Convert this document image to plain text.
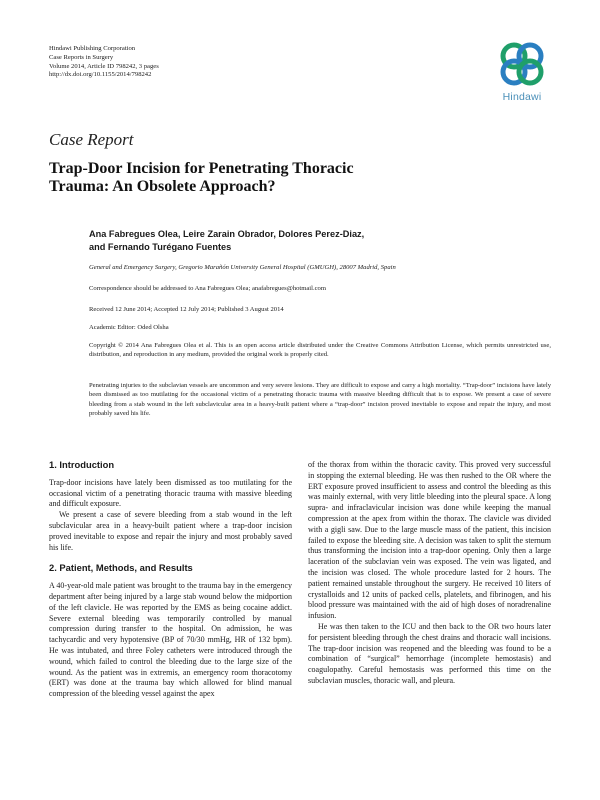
Hindawi Publishing Corporation
Case Reports in Surgery
Volume 2014, Article ID 798242, 3 pages
http://dx.doi.org/10.1155/2014/798242
Hindawi
Case Report
Trap-Door Incision for Penetrating Thoracic
Trauma: An Obsolete Approach?
Ana Fabregues Olea, Leire Zarain Obrador, Dolores Perez-Diaz,
and Fernando Turégano Fuentes
General and Emergency Surgery, Gregorio Marañón University General Hospital (GMUGH), 28007 Madrid, Spain
Correspondence should be addressed to Ana Fabregues Olea; anafabregues@hotmail.com
Received 12 June 2014; Accepted 12 July 2014; Published 3 August 2014
Academic Editor: Oded Olsha
Copyright © 2014 Ana Fabregues Olea et al. This is an open access article distributed under the Creative Commons Attribution License, which permits unrestricted use, distribution, and reproduction in any medium, provided the original work is properly cited.
Penetrating injuries to the subclavian vessels are uncommon and very severe lesions. They are difficult to expose and carry a high mortality. “Trap-door” incisions have lately been dismissed as too mutilating for the occasional victim of a penetrating thoracic trauma with massive bleeding difficult that is to expose. We present a case of severe bleeding from a stab wound in the left subclavicular area in a heavy-built patient where a “trap-door” incision proved inevitable to expose and repair the injury, and most probably saved his life.
1. Introduction

Trap-door incisions have lately been dismissed as too mutilating for the occasional victim of a penetrating thoracic trauma with massive bleeding and difficult exposure.

We present a case of severe bleeding from a stab wound in the left subclavicular area in a heavy-built patient where a trap-door incision proved inevitable to expose and repair the injury and most probably saved his life.

2. Patient, Methods, and Results

A 40-year-old male patient was brought to the trauma bay in the emergency department after being injured by a large stab wound below the midportion of the left clavicle. He was reported by the EMS as being cocaine addict. Severe external bleeding was temporarily controlled by manual compression during transfer to the hospital. On admission, he was tachycardic and very hypotensive (BP of 70/30 mmHg, HR of 132 bpm). He was intubated, and three Foley catheters were introduced through the wound, which failed to control the bleeding due to the large size of the wound. As the patient was in extremis, an emergency room thoracotomy (ERT) was done at the trauma bay which allowed for blind manual compression of the bleeding vessel against the apex

of the thorax from within the thoracic cavity. This proved very successful in stopping the external bleeding. He was then rushed to the OR where the ERT exposure proved insufficient to assess and control the bleeding as this was mainly external, with very little bleeding into the pleural space. A long supra- and infraclavicular incision was done while keeping the manual compression at the apex from within the thorax. The clavicle was divided with a gigli saw. Due to the large muscle mass of the patient, this incision failed to expose the bleeding site. A decision was taken to split the sternum thus transforming the incision into a trap-door opening. Only then a large laceration of the subclavian vein was exposed. The vein was ligated, and the incision was closed. The whole procedure lasted for 2 hours. The patient remained unstable throughout the surgery. He received 10 liters of crystalloids and 12 units of packed cells, platelets, and fibrinogen, and his blood pressure was maintained with the aid of high doses of noradrenaline infusion.

He was then taken to the ICU and then back to the OR two hours later for persistent bleeding through the chest drains and thoracic wall incisions. The trap-door incision was reopened and the bleeding was found to be a combination of “surgical” hemorrhage (incomplete hemostasis) and coagulopathy. Careful hemostasis was performed this time on the subclavian muscles, thoracic wall, and pleura.
